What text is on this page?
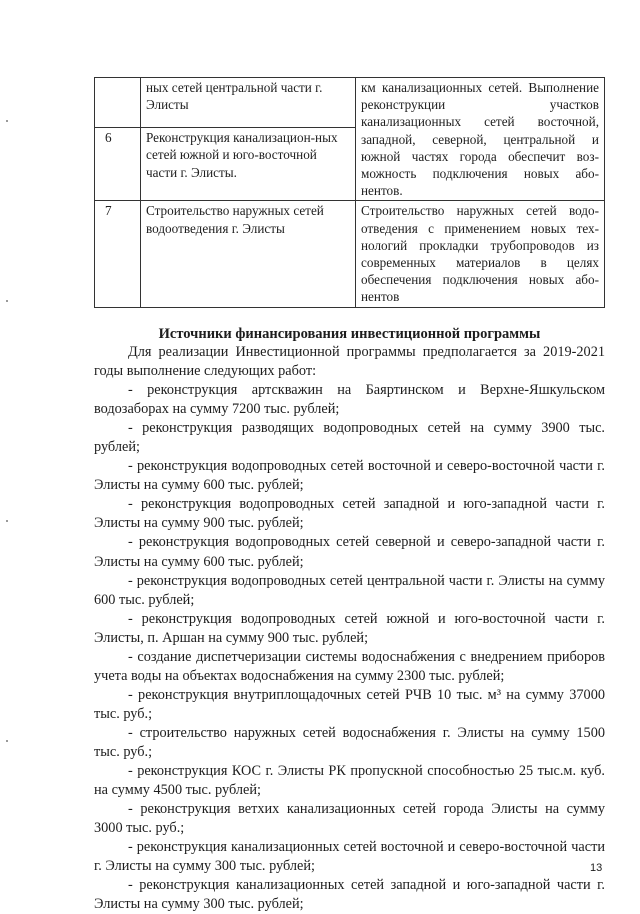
	ных сетей центральной части г. Элисты	км канализационных сетей. Выполнение реконструкции участков канализационных сетей восточной, западной, северной, центральной и южной частях города обеспечит воз-можность подключения новых або-нентов.
6	Реконструкция канализацион-ных сетей южной и юго-восточной части г. Элисты.	
7	Строительство наружных сетей водоотведения г. Элисты	Строительство наружных сетей водо-отведения с применением новых тех-нологий прокладки трубопроводов из современных материалов в целях обеспечения подключения новых або-нентов
Источники финансирования инвестиционной программы

Для реализации Инвестиционной программы предполагается за 2019-2021 годы выполнение следующих работ:

- реконструкция артскважин на Баяртинском и Верхне-Яшкульском водозаборах на сумму 7200 тыс. рублей;

- реконструкция разводящих водопроводных сетей на сумму 3900 тыс. рублей;

- реконструкция водопроводных сетей восточной и северо-восточной части г. Элисты на сумму 600 тыс. рублей;

- реконструкция водопроводных сетей западной и юго-западной части г. Элисты на сумму 900 тыс. рублей;

- реконструкция водопроводных сетей северной и северо-западной части г. Элисты на сумму 600 тыс. рублей;

- реконструкция водопроводных сетей центральной части г. Элисты на сумму 600 тыс. рублей;

- реконструкция водопроводных сетей южной и юго-восточной части г. Элисты, п. Аршан на сумму 900 тыс. рублей;

- создание диспетчеризации системы водоснабжения с внедрением приборов учета воды на объектах водоснабжения на сумму 2300 тыс. рублей;

- реконструкция внутриплощадочных сетей РЧВ 10 тыс. м³ на сумму 37000 тыс. руб.;

- строительство наружных сетей водоснабжения г. Элисты на сумму 1500 тыс. руб.;

- реконструкция КОС г. Элисты РК пропускной способностью 25 тыс.м. куб. на сумму 4500 тыс. рублей;

- реконструкция ветхих канализационных сетей города Элисты на сумму 3000 тыс. руб.;

- реконструкция канализационных сетей восточной и северо-восточной части г. Элисты на сумму 300 тыс. рублей;

- реконструкция канализационных сетей западной и юго-западной части г. Элисты на сумму 300 тыс. рублей;

13
